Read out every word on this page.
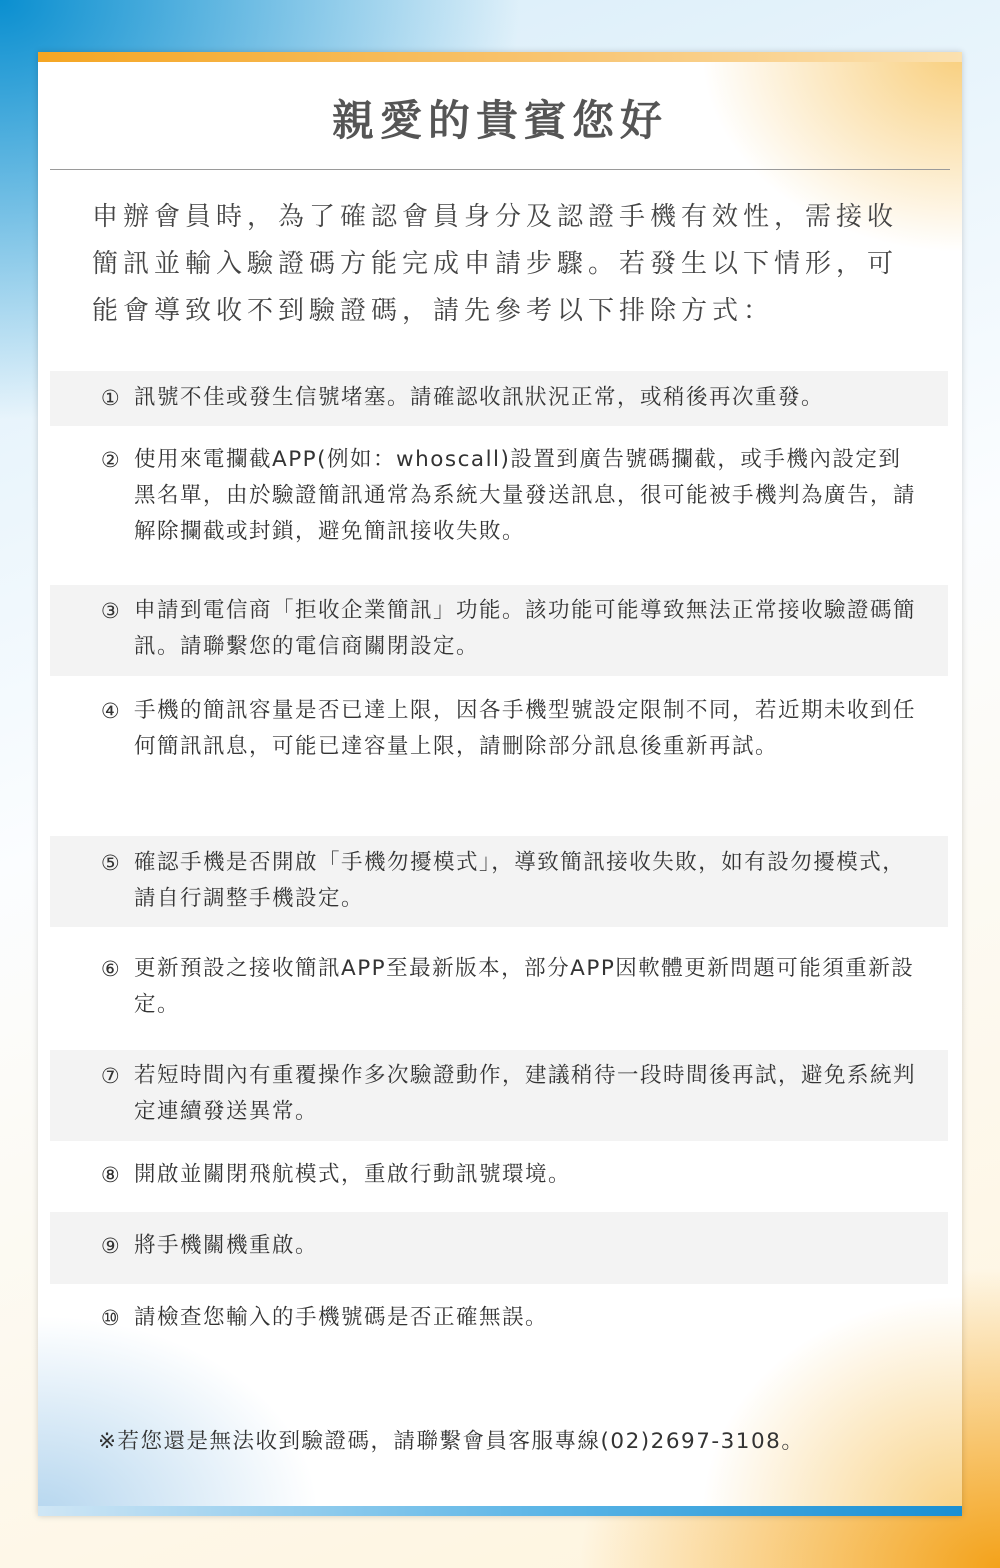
親愛的貴賓您好

申辦會員時，為了確認會員身分及認證手機有效性，需接收簡訊並輸入驗證碼方能完成申請步驟。若發生以下情形，可能會導致收不到驗證碼，請先參考以下排除方式：

① 訊號不佳或發生信號堵塞。請確認收訊狀況正常，或稍後再次重發。
② 使用來電攔截APP(例如：whoscall)設置到廣告號碼攔截，或手機內設定到黑名單，由於驗證簡訊通常為系統大量發送訊息，很可能被手機判為廣告，請解除攔截或封鎖，避免簡訊接收失敗。
③ 申請到電信商「拒收企業簡訊」功能。該功能可能導致無法正常接收驗證碼簡訊。請聯繫您的電信商關閉設定。
④ 手機的簡訊容量是否已達上限，因各手機型號設定限制不同，若近期未收到任何簡訊訊息，可能已達容量上限，請刪除部分訊息後重新再試。
⑤ 確認手機是否開啟「手機勿擾模式」，導致簡訊接收失敗，如有設勿擾模式，請自行調整手機設定。
⑥ 更新預設之接收簡訊APP至最新版本，部分APP因軟體更新問題可能須重新設定。
⑦ 若短時間內有重覆操作多次驗證動作，建議稍待一段時間後再試，避免系統判定連續發送異常。
⑧ 開啟並關閉飛航模式，重啟行動訊號環境。
⑨ 將手機關機重啟。
⑩ 請檢查您輸入的手機號碼是否正確無誤。

※若您還是無法收到驗證碼，請聯繫會員客服專線(02)2697-3108。
